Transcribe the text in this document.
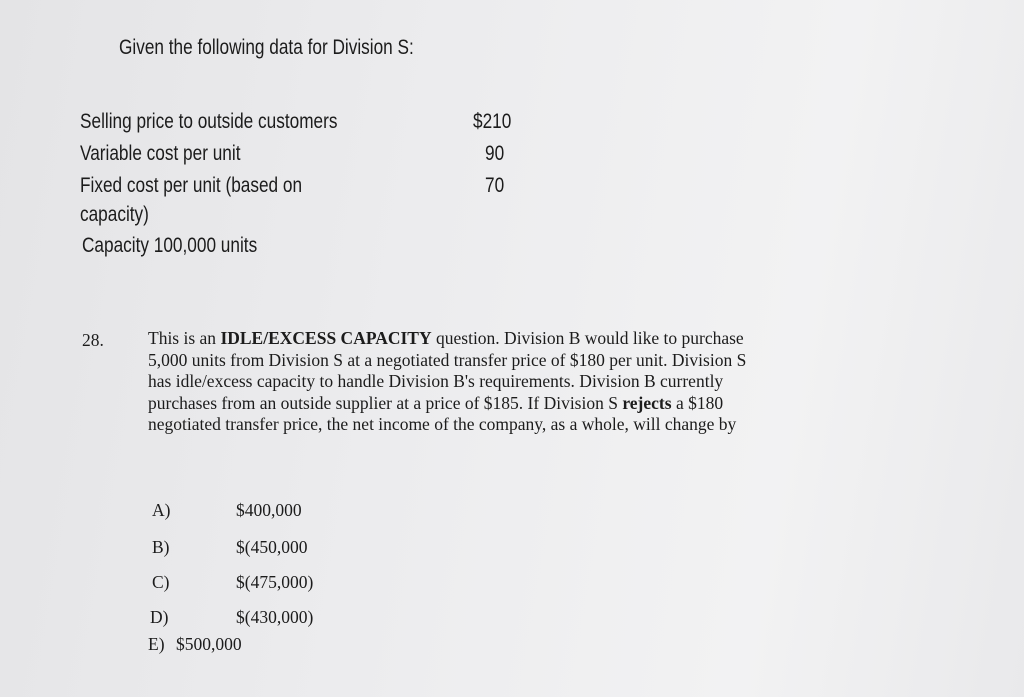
Given the following data for Division S:
Selling price to outside customers	$210
Variable cost per unit	90
Fixed cost per unit (based on	70
capacity)
Capacity 100,000 units
28.	This is an IDLE/EXCESS CAPACITY question. Division B would like to purchase
5,000 units from Division S at a negotiated transfer price of $180 per unit. Division S
has idle/excess capacity to handle Division B's requirements. Division B currently
purchases from an outside supplier at a price of $185. If Division S rejects a $180
negotiated transfer price, the net income of the company, as a whole, will change by
A)	$400,000
B)	$(450,000
C)	$(475,000)
D)	$(430,000)
E) $500,000
